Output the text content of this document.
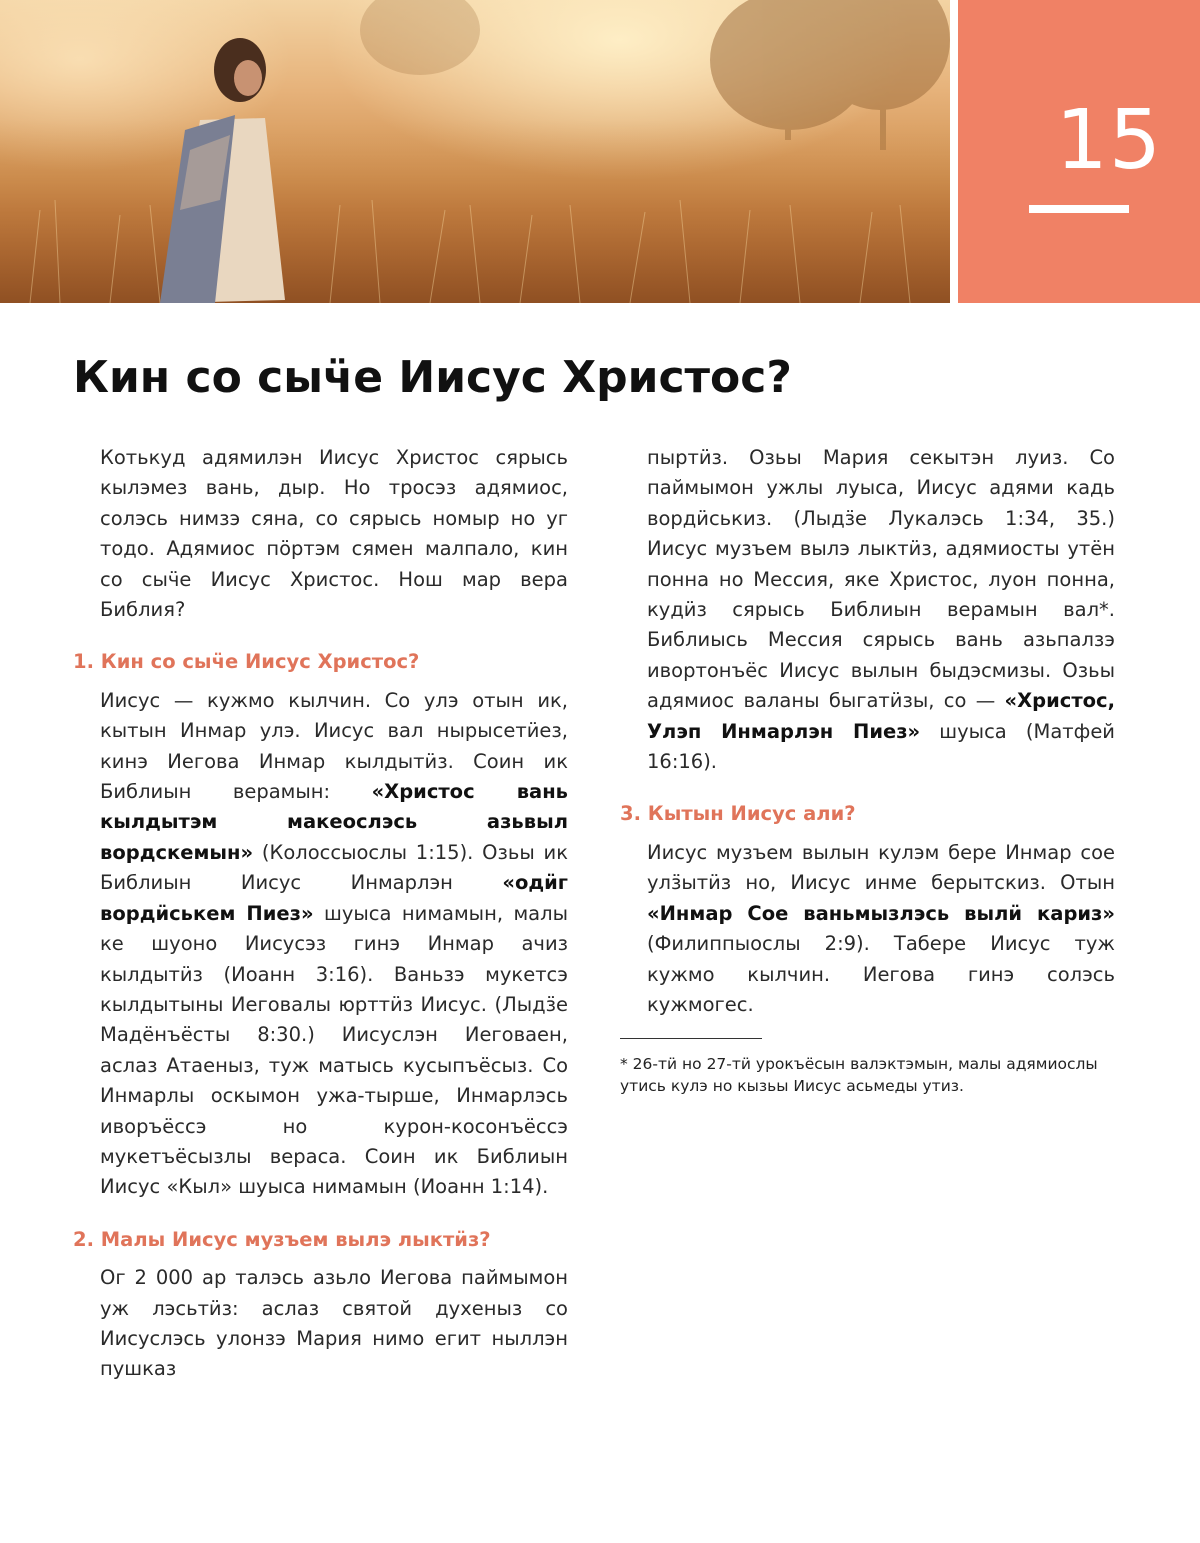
15
Кин со сыӵе Иисус Христос?

Котькуд адямилэн Иисус Христос сярысь кылэмез вань, дыр. Но тросэз адямиос, солэсь нимзэ сяна, со сярысь номыр но уг тодо. Адямиос пӧртэм сямен малпало, кин со сыӵе Иисус Христос. Нош мар вера Библия?

1. Кин со сыӵе Иисус Христос?

Иисус — кужмо кылчин. Со улэ отын ик, кытын Инмар улэ. Иисус вал нырысетӥез, кинэ Иегова Инмар кылдытӥз. Соин ик Библиын верамын: «Христос вань кылдытэм макеослэсь азьвыл вордскемын» (Колоссыослы 1:15). Озьы ик Библиын Иисус Инмарлэн «одӥг вордӥськем Пиез» шуыса нимамын, малы ке шуоно Иисусэз гинэ Инмар ачиз кылдытӥз (Иоанн 3:16). Ваньзэ мукетсэ кылдытыны Иеговалы юрттӥз Иисус. (Лыдӟе Мадёнъёсты 8:30.) Иисуслэн Иеговаен, аслаз Атаеныз, туж матысь кусыпъёсыз. Со Инмарлы оскымон ужа-тырше, Инмарлэсь иворъёссэ но курон-косонъёссэ мукетъёсызлы вераса. Соин ик Библиын Иисус «Кыл» шуыса нимамын (Иоанн 1:14).

2. Малы Иисус музъем вылэ лыктӥз?

Ог 2 000 ар талэсь азьло Иегова паймымон уж лэсьтӥз: аслаз святой духеныз со Иисуслэсь улонзэ Мария нимо егит ныллэн пушказ

пыртӥз. Озьы Мария секытэн луиз. Со паймымон ужлы луыса, Иисус адями кадь вордӥськиз. (Лыдӟе Лукалэсь 1:34, 35.) Иисус музъем вылэ лыктӥз, адямиосты утён понна но Мессия, яке Христос, луон понна, кудӥз сярысь Библиын верамын вал*. Библиысь Мессия сярысь вань азьпалзэ ивортонъёс Иисус вылын быдэсмизы. Озьы адямиос валаны быгатӥзы, со — «Христос, Улэп Инмарлэн Пиез» шуыса (Матфей 16:16).

3. Кытын Иисус али?

Иисус музъем вылын кулэм бере Инмар сое улӟытӥз но, Иисус инме берытскиз. Отын «Инмар Сое ваньмызлэсь вылӥ кариз» (Филиппыослы 2:9). Табере Иисус туж кужмо кылчин. Иегова гинэ солэсь кужмогес.

* 26-тӥ но 27-тӥ урокъёсын валэктэмын, малы адямиослы утись кулэ но кызьы Иисус асьмеды утиз.
